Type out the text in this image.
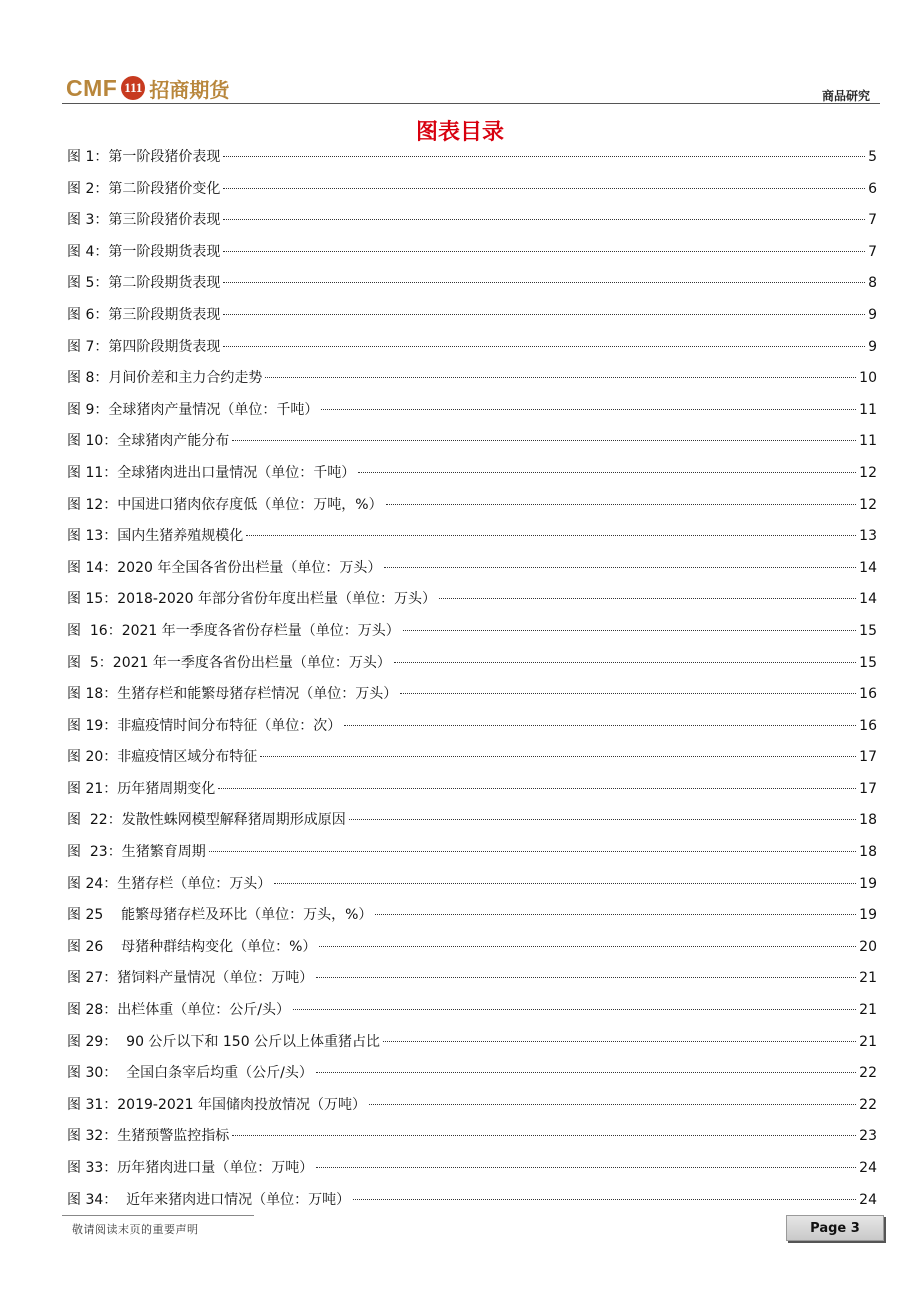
CMF 111 招商期货	商品研究
图表目录
图 1：第一阶段猪价表现	5
图 2：第二阶段猪价变化	6
图 3：第三阶段猪价表现	7
图 4：第一阶段期货表现	7
图 5：第二阶段期货表现	8
图 6：第三阶段期货表现	9
图 7：第四阶段期货表现	9
图 8：月间价差和主力合约走势	10
图 9：全球猪肉产量情况（单位：千吨）	11
图 10：全球猪肉产能分布	11
图 11：全球猪肉进出口量情况（单位：千吨）	12
图 12：中国进口猪肉依存度低（单位：万吨，%）	12
图 13：国内生猪养殖规模化	13
图 14：2020 年全国各省份出栏量（单位：万头）	14
图 15：2018-2020 年部分省份年度出栏量（单位：万头）	14
图  16：2021 年一季度各省份存栏量（单位：万头）	15
图  5：2021 年一季度各省份出栏量（单位：万头）	15
图 18：生猪存栏和能繁母猪存栏情况（单位：万头）	16
图 19：非瘟疫情时间分布特征（单位：次）	16
图 20：非瘟疫情区域分布特征	17
图 21：历年猪周期变化	17
图  22：发散性蛛网模型解释猪周期形成原因	18
图  23：生猪繁育周期	18
图 24：生猪存栏（单位：万头）	19
图 25    能繁母猪存栏及环比（单位：万头，%）	19
图 26    母猪种群结构变化（单位：%）	20
图 27：猪饲料产量情况（单位：万吨）	21
图 28：出栏体重（单位：公斤/头）	21
图 29：  90 公斤以下和 150 公斤以上体重猪占比	21
图 30：  全国白条宰后均重（公斤/头）	22
图 31：2019-2021 年国储肉投放情况（万吨）	22
图 32：生猪预警监控指标	23
图 33：历年猪肉进口量（单位：万吨）	24
图 34：  近年来猪肉进口情况（单位：万吨）	24
敬请阅读末页的重要声明	Page
3
